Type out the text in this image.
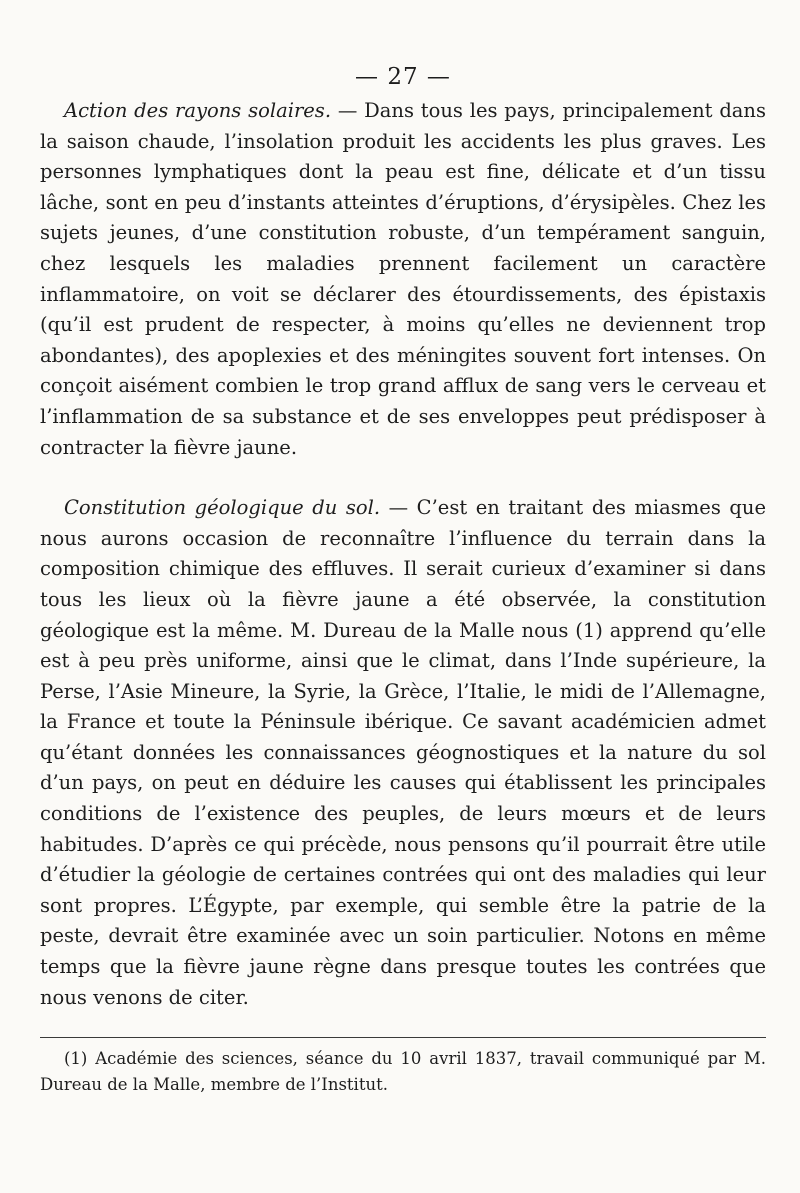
— 27 —

Action des rayons solaires. — Dans tous les pays, principalement dans la saison chaude, l’insolation produit les accidents les plus graves. Les personnes lymphatiques dont la peau est fine, délicate et d’un tissu lâche, sont en peu d’instants atteintes d’éruptions, d’érysipèles. Chez les sujets jeunes, d’une constitution robuste, d’un tempérament sanguin, chez lesquels les maladies prennent facilement un caractère inflammatoire, on voit se déclarer des étourdissements, des épistaxis (qu’il est prudent de respecter, à moins qu’elles ne deviennent trop abondantes), des apoplexies et des méningites souvent fort intenses. On conçoit aisément combien le trop grand afflux de sang vers le cerveau et l’inflammation de sa substance et de ses enveloppes peut prédisposer à contracter la fièvre jaune.

Constitution géologique du sol. — C’est en traitant des miasmes que nous aurons occasion de reconnaître l’influence du terrain dans la composition chimique des effluves. Il serait curieux d’examiner si dans tous les lieux où la fièvre jaune a été observée, la constitution géologique est la même. M. Dureau de la Malle nous (1) apprend qu’elle est à peu près uniforme, ainsi que le climat, dans l’Inde supérieure, la Perse, l’Asie Mineure, la Syrie, la Grèce, l’Italie, le midi de l’Allemagne, la France et toute la Péninsule ibérique. Ce savant académicien admet qu’étant données les connaissances géognostiques et la nature du sol d’un pays, on peut en déduire les causes qui établissent les principales conditions de l’existence des peuples, de leurs mœurs et de leurs habitudes. D’après ce qui précède, nous pensons qu’il pourrait être utile d’étudier la géologie de certaines contrées qui ont des maladies qui leur sont propres. L’Égypte, par exemple, qui semble être la patrie de la peste, devrait être examinée avec un soin particulier. Notons en même temps que la fièvre jaune règne dans presque toutes les contrées que nous venons de citer.

(1) Académie des sciences, séance du 10 avril 1837, travail communiqué par M. Dureau de la Malle, membre de l’Institut.
